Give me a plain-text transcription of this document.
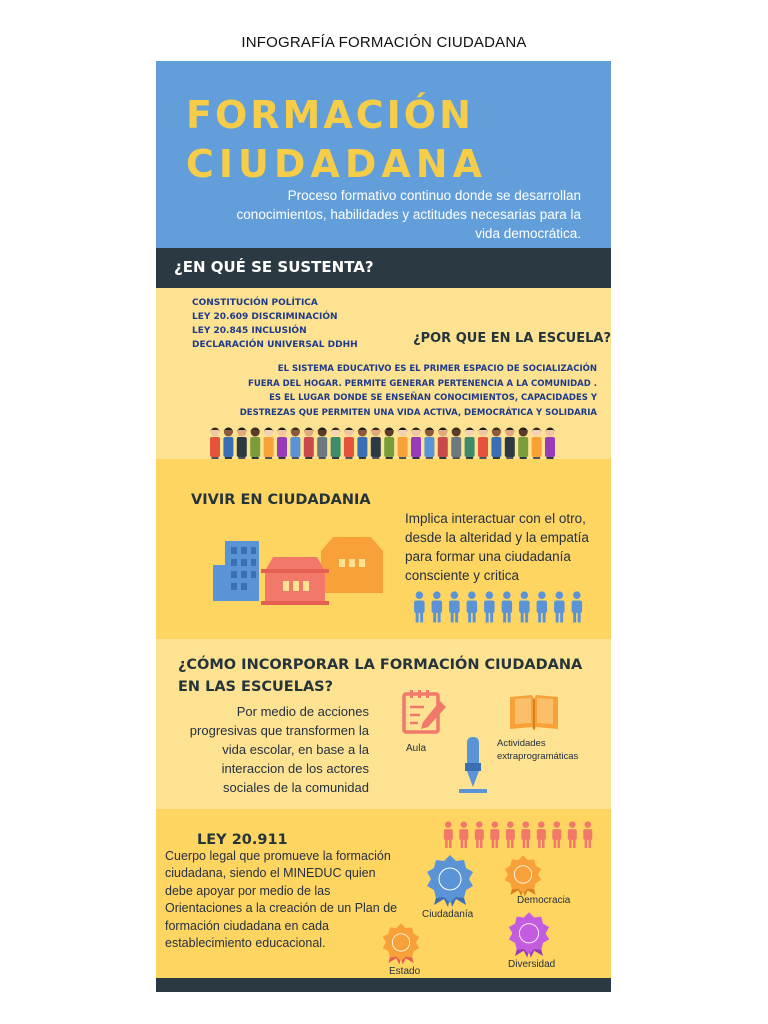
INFOGRAFÍA FORMACIÓN CIUDADANA
FORMACIÓN
CIUDADANA
Proceso formativo continuo donde se desarrollan
conocimientos, habilidades y actitudes necesarias para la
vida democrática.
¿EN QUÉ SE SUSTENTA?
CONSTITUCIÓN POLÍTICA
LEY 20.609 DISCRIMINACIÓN
LEY 20.845 INCLUSIÓN
DECLARACIÓN UNIVERSAL DDHH	¿POR QUE EN LA ESCUELA?
EL SISTEMA EDUCATIVO ES EL PRIMER ESPACIO DE SOCIALIZACIÓN
FUERA DEL HOGAR. PERMITE GENERAR PERTENENCIA A LA COMUNIDAD .
ES EL LUGAR DONDE SE ENSEÑAN CONOCIMIENTOS, CAPACIDADES Y
DESTREZAS QUE PERMITEN UNA VIDA ACTIVA, DEMOCRÁTICA Y SOLIDARIA
VIVIR EN CIUDADANIA
Implica interactuar con el otro,
desde la alteridad y la empatía
para formar una ciudadanía
consciente y critica
¿CÓMO INCORPORAR LA FORMACIÓN CIUDADANA
EN LAS ESCUELAS?
Por medio de acciones
progresivas que transformen la
vida escolar, en base a la
interaccion de los actores
sociales de la comunidad
Aula	Actividades
extraprogramáticas
LEY 20.911
Cuerpo legal que promueve la formación
ciudadana, siendo el MINEDUC quien
debe apoyar por medio de las
Orientaciones a la creación de un Plan de
formación ciudadana en cada
establecimiento educacional.
Ciudadanía
Democracia
Estado
Diversidad
